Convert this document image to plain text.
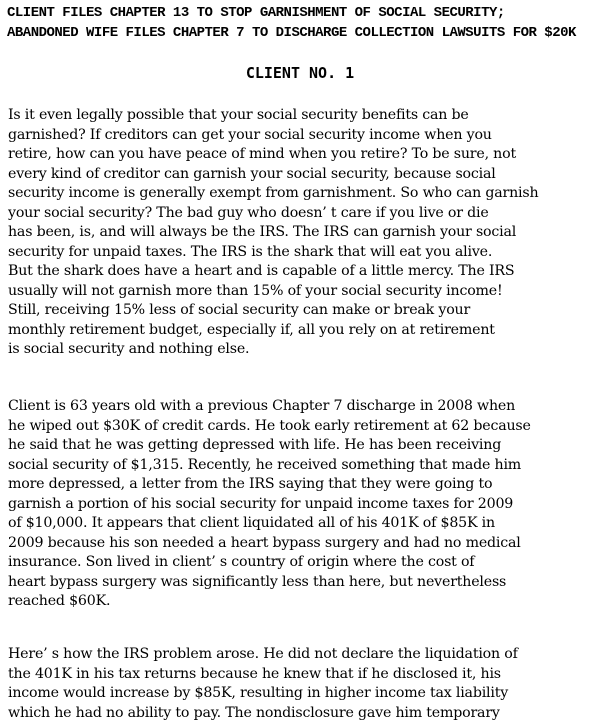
CLIENT FILES CHAPTER 13 TO STOP GARNISHMENT OF SOCIAL SECURITY;
ABANDONED WIFE FILES CHAPTER 7 TO DISCHARGE COLLECTION LAWSUITS FOR $20K
CLIENT NO. 1
Is it even legally possible that your social security benefits can be
garnished? If creditors can get your social security income when you
retire, how can you have peace of mind when you retire? To be sure, not
every kind of creditor can garnish your social security, because social
security income is generally exempt from garnishment. So who can garnish
your social security? The bad guy who doesn’ t care if you live or die
has been, is, and will always be the IRS. The IRS can garnish your social
security for unpaid taxes. The IRS is the shark that will eat you alive.
But the shark does have a heart and is capable of a little mercy. The IRS
usually will not garnish more than 15% of your social security income!
Still, receiving 15% less of social security can make or break your
monthly retirement budget, especially if, all you rely on at retirement
is social security and nothing else.
Client is 63 years old with a previous Chapter 7 discharge in 2008 when
he wiped out $30K of credit cards. He took early retirement at 62 because
he said that he was getting depressed with life. He has been receiving
social security of $1,315. Recently, he received something that made him
more depressed, a letter from the IRS saying that they were going to
garnish a portion of his social security for unpaid income taxes for 2009
of $10,000. It appears that client liquidated all of his 401K of $85K in
2009 because his son needed a heart bypass surgery and had no medical
insurance. Son lived in client’ s country of origin where the cost of
heart bypass surgery was significantly less than here, but nevertheless
reached $60K.
Here’ s how the IRS problem arose. He did not declare the liquidation of
the 401K in his tax returns because he knew that if he disclosed it, his
income would increase by $85K, resulting in higher income tax liability
which he had no ability to pay. The nondisclosure gave him temporary
